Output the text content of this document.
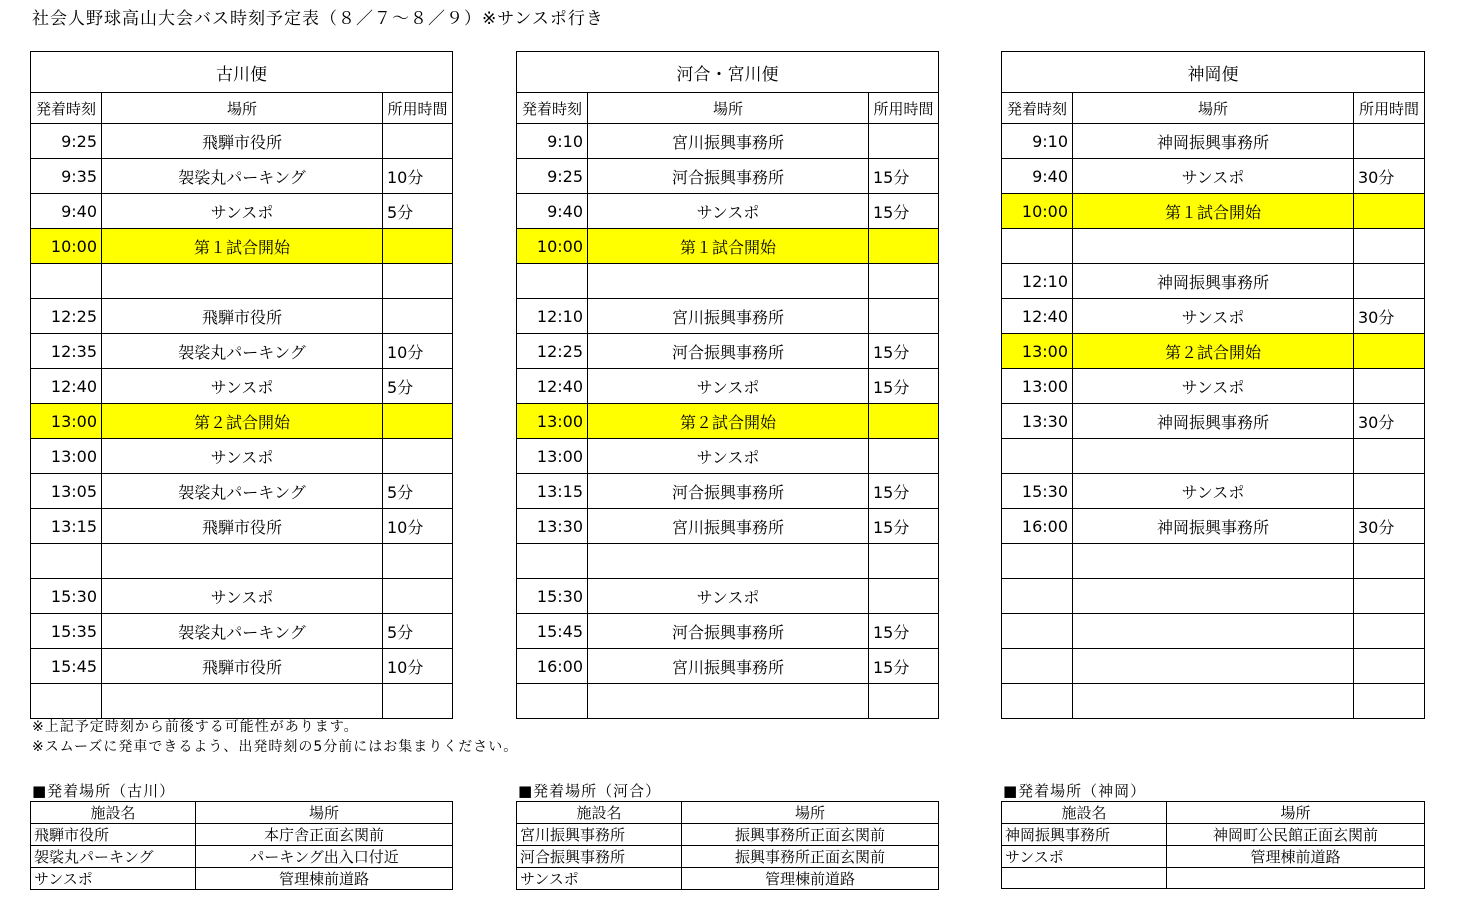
社会人野球高山大会バス時刻予定表（８／７～８／９）※サンスポ行き
古川便		
発着時刻	場所	所用時間
9:25	飛騨市役所	
9:35	袈裟丸パーキング	10分
9:40	サンスポ	5分
10:00	第１試合開始	

12:25	飛騨市役所	
12:35	袈裟丸パーキング	10分
12:40	サンスポ	5分
13:00	第２試合開始	
13:00	サンスポ	
13:05	袈裟丸パーキング	5分
13:15	飛騨市役所	10分

15:30	サンスポ	
15:35	袈裟丸パーキング	5分
15:45	飛騨市役所	10分

河合・宮川便		
発着時刻	場所	所用時間
9:10	宮川振興事務所	
9:25	河合振興事務所	15分
9:40	サンスポ	15分
10:00	第１試合開始	

12:10	宮川振興事務所	
12:25	河合振興事務所	15分
12:40	サンスポ	15分
13:00	第２試合開始	
13:00	サンスポ	
13:15	河合振興事務所	15分
13:30	宮川振興事務所	15分

15:30	サンスポ	
15:45	河合振興事務所	15分
16:00	宮川振興事務所	15分

神岡便		
発着時刻	場所	所用時間
9:10	神岡振興事務所	
9:40	サンスポ	30分
10:00	第１試合開始	

12:10	神岡振興事務所	
12:40	サンスポ	30分
13:00	第２試合開始	
13:00	サンスポ	
13:30	神岡振興事務所	30分

15:30	サンスポ	
16:00	神岡振興事務所	30分

※上記予定時刻から前後する可能性があります。
※スムーズに発車できるよう、出発時刻の5分前にはお集まりください。
■発着場所（古川）	■発着場所（河合）	■発着場所（神岡）
施設名	場所
飛騨市役所	本庁舎正面玄関前
袈裟丸パーキング	パーキング出入口付近
サンスポ	管理棟前道路
施設名	場所
宮川振興事務所	振興事務所正面玄関前
河合振興事務所	振興事務所正面玄関前
サンスポ	管理棟前道路
施設名	場所
神岡振興事務所	神岡町公民館正面玄関前
サンスポ	管理棟前道路
